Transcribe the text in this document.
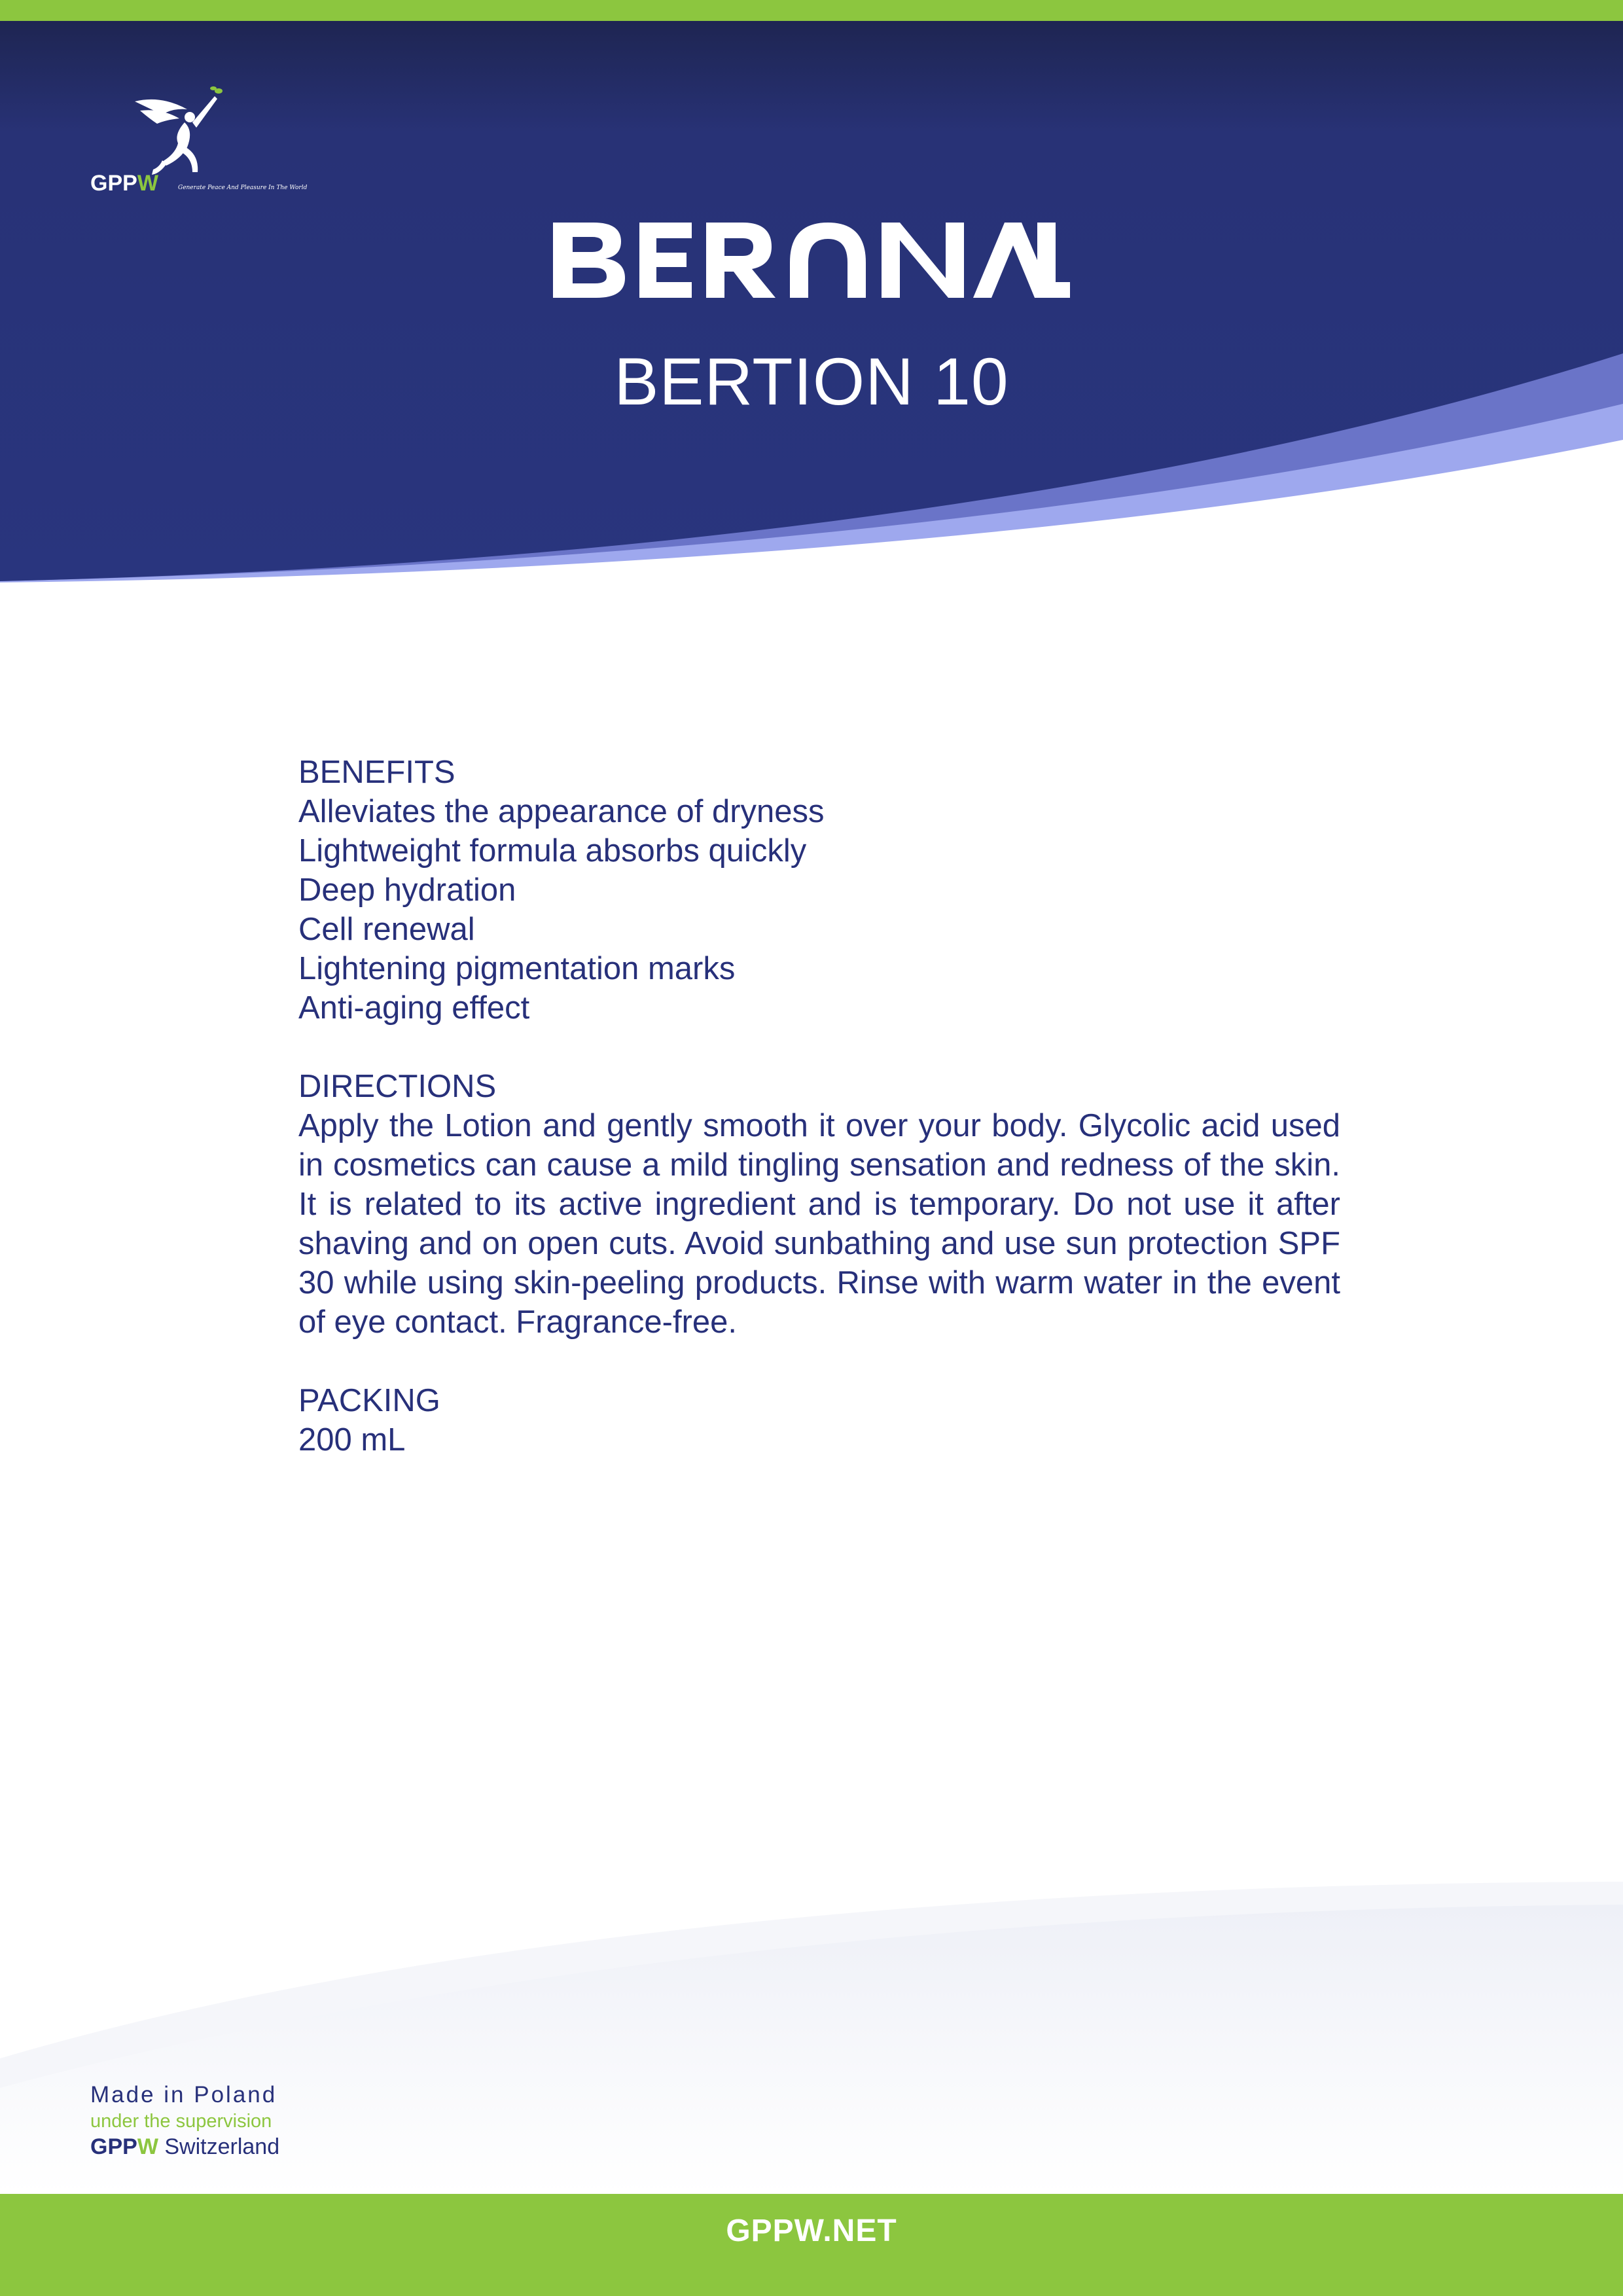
GPPW	Generate Peace And Pleasure In The World
BERTION 10
BENEFITS
Alleviates the appearance of dryness
Lightweight formula absorbs quickly
Deep hydration
Cell renewal
Lightening pigmentation marks
Anti-aging effect
DIRECTIONS
Apply the Lotion and gently smooth it over your body. Glycolic acid used in cosmetics can cause a mild tingling sensation and redness of the skin. It is related to its active ingredient and is temporary. Do not use it after shaving and on open cuts. Avoid sunbathing and use sun protection SPF 30 while using skin-peeling products. Rinse with warm water in the event of eye contact. Fragrance-free.
PACKING
200 mL
Made in Poland
under the supervision
GPPW Switzerland
GPPW.NET
